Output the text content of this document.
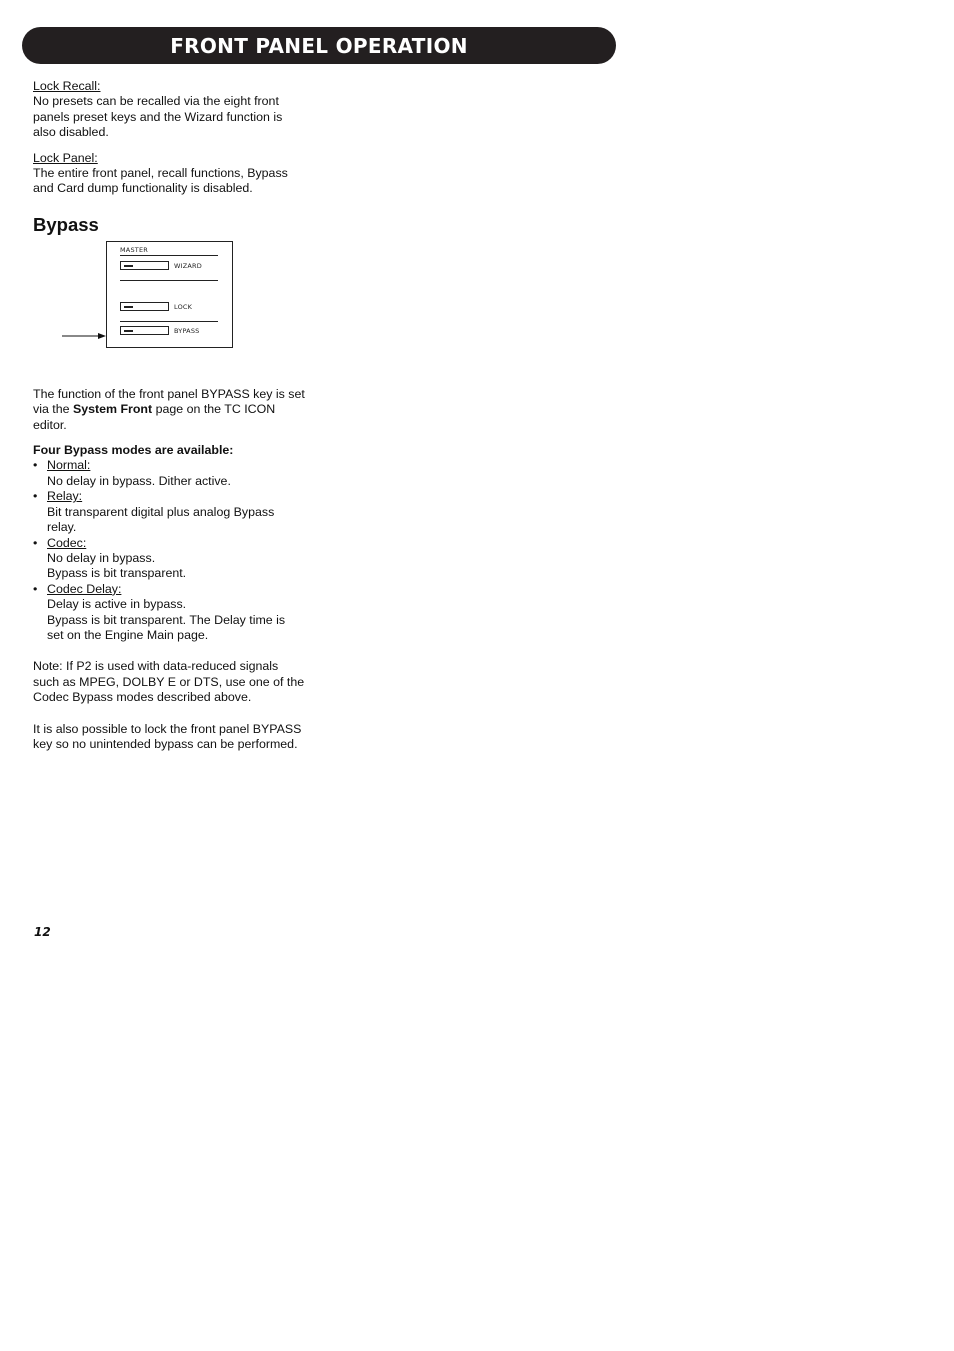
FRONT PANEL OPERATION

Lock Recall:

No presets can be recalled via the eight front panels preset keys and the Wizard function is also disabled.

Lock Panel:

The entire front panel, recall functions, Bypass and Card dump functionality is disabled.

Bypass

The function of the front panel BYPASS key is set via the System Front page on the TC ICON editor.

Four Bypass modes are available:

• Normal:
No delay in bypass. Dither active.
• Relay:
Bit transparent digital plus analog Bypass relay.
• Codec:
No delay in bypass.
Bypass is bit transparent.
• Codec Delay:
Delay is active in bypass.
Bypass is bit transparent. The Delay time is set on the Engine Main page.

Note: If P2 is used with data-reduced signals such as MPEG, DOLBY E or DTS, use one of the Codec Bypass modes described above.

It is also possible to lock the front panel BYPASS key so no unintended bypass can be performed.

MASTER
WIZARD
LOCK
BYPASS
12
